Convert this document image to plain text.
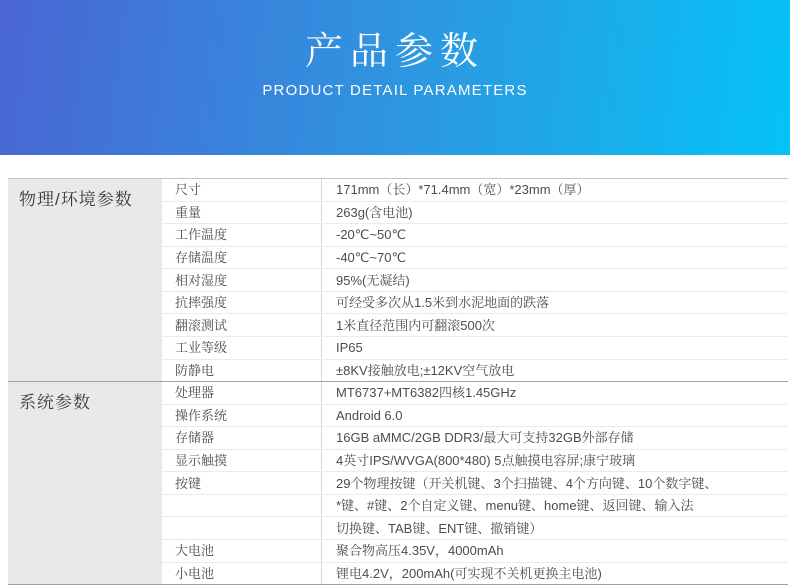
产品参数
PRODUCT DETAIL PARAMETERS
物理/环境参数
尺寸	171mm（长）*71.4mm（宽）*23mm（厚）
重量	263g(含电池)
工作温度	-20℃~50℃
存储温度	-40℃~70℃
相对湿度	95%(无凝结)
抗摔强度	可经受多次从1.5米到水泥地面的跌落
翻滚测试	1米直径范围内可翻滚500次
工业等级	IP65
防静电	±8KV接触放电;±12KV空气放电
系统参数
处理器	MT6737+MT6382四核1.45GHz
操作系统	Android 6.0
存储器	16GB aMMC/2GB DDR3/最大可支持32GB外部存储
显示触摸	4英寸IPS/WVGA(800*480) 5点触摸电容屏;康宁玻璃
按键	29个物理按键（开关机键、3个扫描键、4个方向键、10个数字键、
*键、#键、2个自定义键、menu键、home键、返回键、输入法
切换键、TAB键、ENT键、撤销键）
大电池	聚合物高压4.35V，4000mAh
小电池	锂电4.2V，200mAh(可实现不关机更换主电池)
